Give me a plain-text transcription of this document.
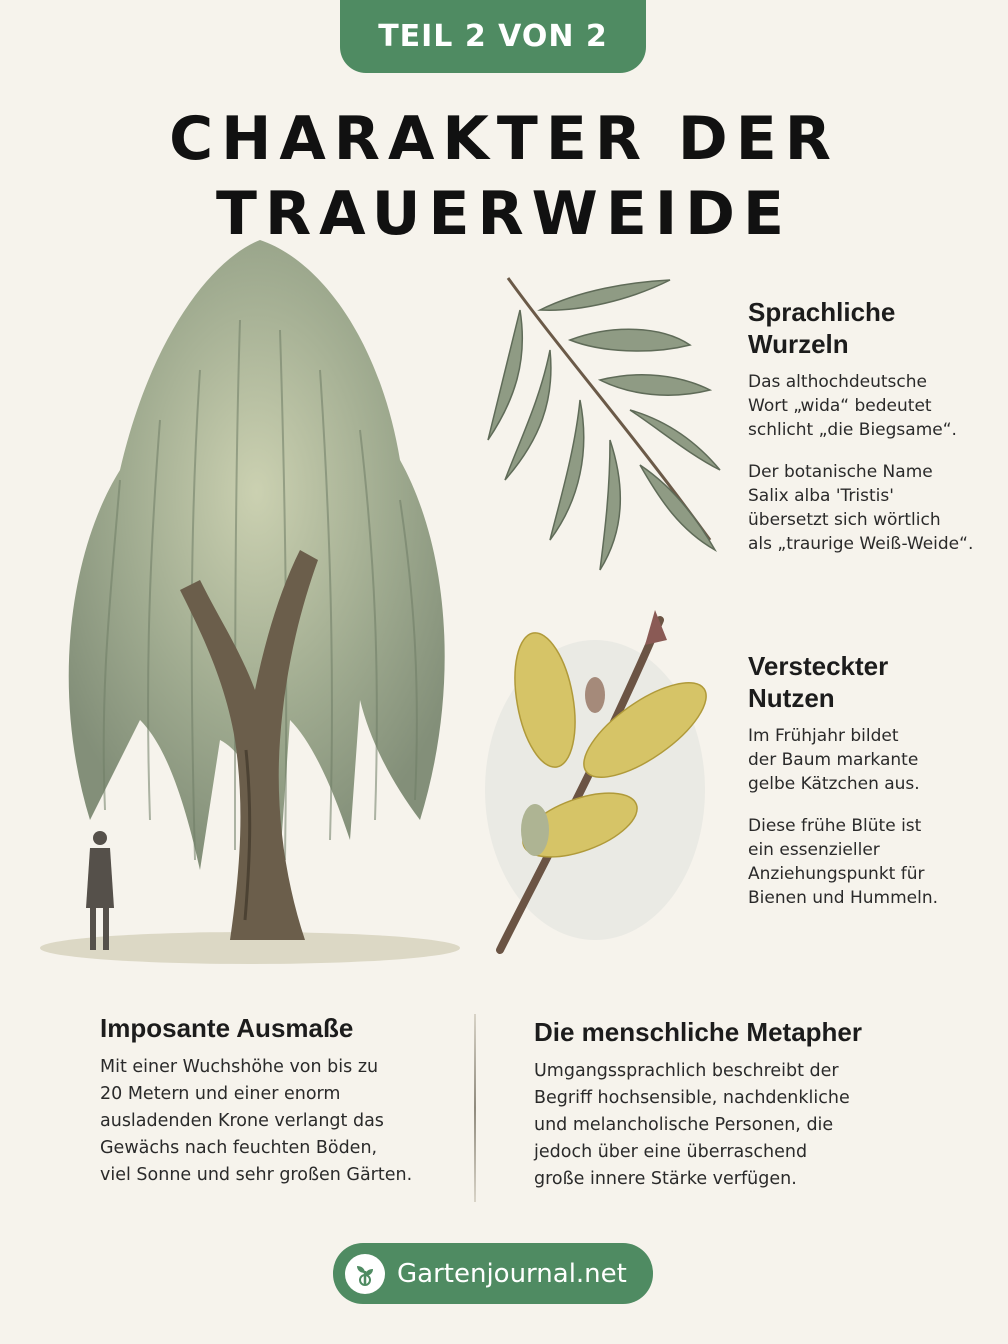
TEIL 2 VON 2
CHARAKTER DER
TRAUERWEIDE
Sprachliche
Wurzeln
Das althochdeutsche
Wort „wida“ bedeutet
schlicht „die Biegsame“.
Der botanische Name
Salix alba 'Tristis'
übersetzt sich wörtlich
als „traurige Weiß-Weide“.
Versteckter
Nutzen
Im Frühjahr bildet
der Baum markante
gelbe Kätzchen aus.
Diese frühe Blüte ist
ein essenzieller
Anziehungspunkt für
Bienen und Hummeln.
Imposante Ausmaße
Mit einer Wuchshöhe von bis zu
20 Metern und einer enorm
ausladenden Krone verlangt das
Gewächs nach feuchten Böden,
viel Sonne und sehr großen Gärten.
Die menschliche Metapher
Umgangssprachlich beschreibt der
Begriff hochsensible, nachdenkliche
und melancholische Personen, die
jedoch über eine überraschend
große innere Stärke verfügen.
Gartenjournal.net
